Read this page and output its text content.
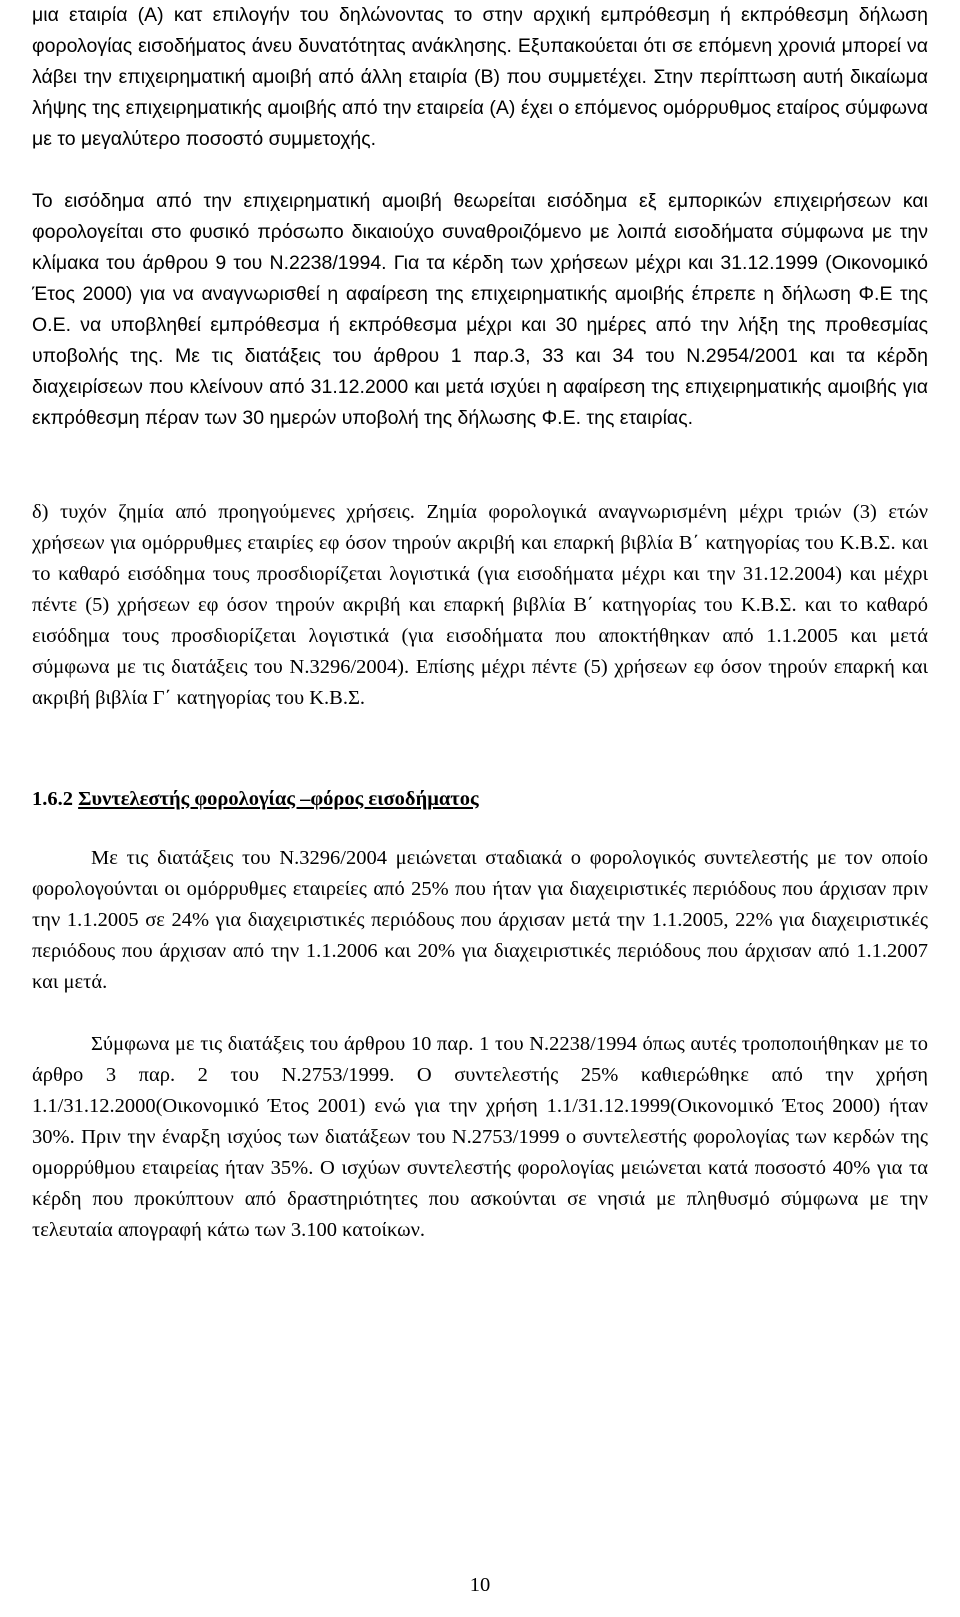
μια εταιρία (Α) κατ επιλογήν του δηλώνοντας το στην αρχική εμπρόθεσμη ή εκπρόθεσμη δήλωση φορολογίας εισοδήματος άνευ δυνατότητας ανάκλησης. Εξυπακούεται ότι σε επόμενη χρονιά μπορεί να λάβει την επιχειρηματική αμοιβή από άλλη εταιρία (Β) που συμμετέχει. Στην περίπτωση αυτή δικαίωμα λήψης της επιχειρηματικής αμοιβής από την εταιρεία (Α) έχει ο επόμενος ομόρρυθμος εταίρος σύμφωνα με το μεγαλύτερο ποσοστό συμμετοχής.

Το εισόδημα από την επιχειρηματική αμοιβή θεωρείται εισόδημα εξ εμπορικών επιχειρήσεων και φορολογείται στο φυσικό πρόσωπο δικαιούχο συναθροιζόμενο με λοιπά εισοδήματα σύμφωνα με την κλίμακα του άρθρου 9 του Ν.2238/1994. Για τα κέρδη των χρήσεων μέχρι και 31.12.1999 (Οικονομικό Έτος 2000) για να αναγνωρισθεί η αφαίρεση της επιχειρηματικής αμοιβής έπρεπε η δήλωση Φ.Ε της Ο.Ε. να υποβληθεί εμπρόθεσμα ή εκπρόθεσμα μέχρι και 30 ημέρες από την λήξη της προθεσμίας υποβολής της. Με τις διατάξεις του άρθρου 1 παρ.3, 33 και 34 του Ν.2954/2001 και τα κέρδη διαχειρίσεων που κλείνουν από 31.12.2000 και μετά ισχύει η αφαίρεση της επιχειρηματικής αμοιβής για εκπρόθεσμη πέραν των 30 ημερών υποβολή της δήλωσης Φ.Ε. της εταιρίας.

δ) τυχόν ζημία από προηγούμενες χρήσεις. Ζημία φορολογικά αναγνωρισμένη μέχρι τριών (3) ετών χρήσεων για ομόρρυθμες εταιρίες εφ όσον τηρούν ακριβή και επαρκή βιβλία Β΄ κατηγορίας του Κ.Β.Σ. και το καθαρό εισόδημα τους προσδιορίζεται λογιστικά (για εισοδήματα μέχρι και την 31.12.2004) και μέχρι πέντε (5) χρήσεων εφ όσον τηρούν ακριβή και επαρκή βιβλία Β΄ κατηγορίας του Κ.Β.Σ. και το καθαρό εισόδημα τους προσδιορίζεται λογιστικά (για εισοδήματα που αποκτήθηκαν από 1.1.2005 και μετά σύμφωνα με τις διατάξεις του Ν.3296/2004). Επίσης μέχρι πέντε (5) χρήσεων εφ όσον τηρούν επαρκή και ακριβή βιβλία Γ΄ κατηγορίας του Κ.Β.Σ.

1.6.2 Συντελεστής φορολογίας –φόρος εισοδήματος

Με τις διατάξεις του Ν.3296/2004 μειώνεται σταδιακά ο φορολογικός συντελεστής με τον οποίο φορολογούνται οι ομόρρυθμες εταιρείες από 25% που ήταν για διαχειριστικές περιόδους που άρχισαν πριν την 1.1.2005 σε 24% για διαχειριστικές περιόδους που άρχισαν μετά την 1.1.2005, 22% για διαχειριστικές περιόδους που άρχισαν από την 1.1.2006 και 20% για διαχειριστικές περιόδους που άρχισαν από 1.1.2007 και μετά.

Σύμφωνα με τις διατάξεις του άρθρου 10 παρ. 1 του Ν.2238/1994 όπως αυτές τροποποιήθηκαν με το άρθρο 3 παρ. 2 του Ν.2753/1999. Ο συντελεστής 25% καθιερώθηκε από την χρήση 1.1/31.12.2000(Οικονομικό Έτος 2001) ενώ για την χρήση 1.1/31.12.1999(Οικονομικό Έτος 2000) ήταν 30%. Πριν την έναρξη ισχύος των διατάξεων του Ν.2753/1999 ο συντελεστής φορολογίας των κερδών της ομορρύθμου εταιρείας ήταν 35%. Ο ισχύων συντελεστής φορολογίας μειώνεται κατά ποσοστό 40% για τα κέρδη που προκύπτουν από δραστηριότητες που ασκούνται σε νησιά με πληθυσμό σύμφωνα με την τελευταία απογραφή κάτω των 3.100 κατοίκων.

10
